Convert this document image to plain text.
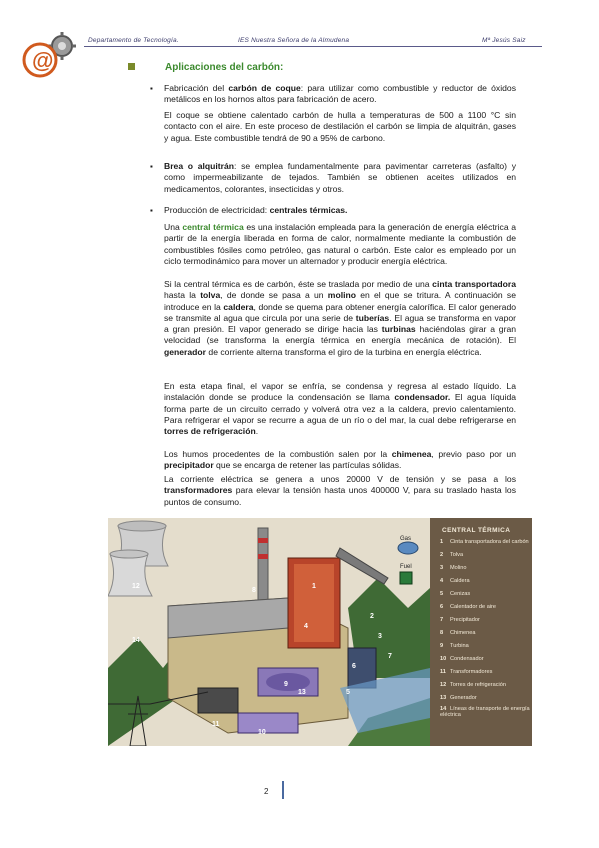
@
Departamento de Tecnología.	IES Nuestra Señora de la Almudena	Mª Jesús Saiz
Aplicaciones del carbón:
▪ Fabricación del carbón de coque: para utilizar como combustible y reductor de óxidos metálicos en los hornos altos para fabricación de acero.
El coque se obtiene calentado carbón de hulla a temperaturas de 500 a 1100 °C sin contacto con el aire. En este proceso de destilación el carbón se limpia de alquitrán, gases y agua. Este combustible tendrá de 90 a 95% de carbono.
▪ Brea o alquitrán: se emplea fundamentalmente para pavimentar carreteras (asfalto) y como impermeabilizante de tejados. También se obtienen aceites utilizados en medicamentos, colorantes, insecticidas y otros.
▪ Producción de electricidad: centrales térmicas.
Una central térmica es una instalación empleada para la generación de energía eléctrica a partir de la energía liberada en forma de calor, normalmente mediante la combustión de combustibles fósiles como petróleo, gas natural o carbón. Este calor es empleado por un ciclo termodinámico para mover un alternador y producir energía eléctrica.
Si la central térmica es de carbón, éste se traslada por medio de una cinta transportadora hasta la tolva, de donde se pasa a un molino en el que se tritura. A continuación se introduce en la caldera, donde se quema para obtener energía calorífica. El calor generado se transmite al agua que circula por una serie de tuberías. El agua se transforma en vapor a gran presión. El vapor generado se dirige hacia las turbinas haciéndolas girar a gran velocidad (se transforma la energía térmica en energía mecánica de rotación). El generador de corriente alterna transforma el giro de la turbina en energía eléctrica.
En esta etapa final, el vapor se enfría, se condensa y regresa al estado líquido. La instalación donde se produce la condensación se llama condensador. El agua líquida forma parte de un circuito cerrado y volverá otra vez a la caldera, previo calentamiento. Para refrigerar el vapor se recurre a agua de un río o del mar, la cual debe refrigerarse en torres de refrigeración.
Los humos procedentes de la combustión salen por la chimenea, previo paso por un precipitador que se encarga de retener las partículas sólidas.
La corriente eléctrica se genera a unos 20000 V de tensión y se pasa a los transformadores para elevar la tensión hasta unos 400000 V, para su traslado hasta los puntos de consumo.
Gas
Fuel
1
2
3
4
5
6
7
8
9
10
11
12
13
14
CENTRAL TÉRMICA
1 Cinta transportadora del carbón
2 Tolva
3 Molino
4 Caldera
5 Cenizas
6 Calentador de aire
7 Precipitador
8 Chimenea
9 Turbina
10 Condensador
11 Transformadores
12 Torres de refrigeración
13 Generador
14 Líneas de transporte de energía eléctrica
2
